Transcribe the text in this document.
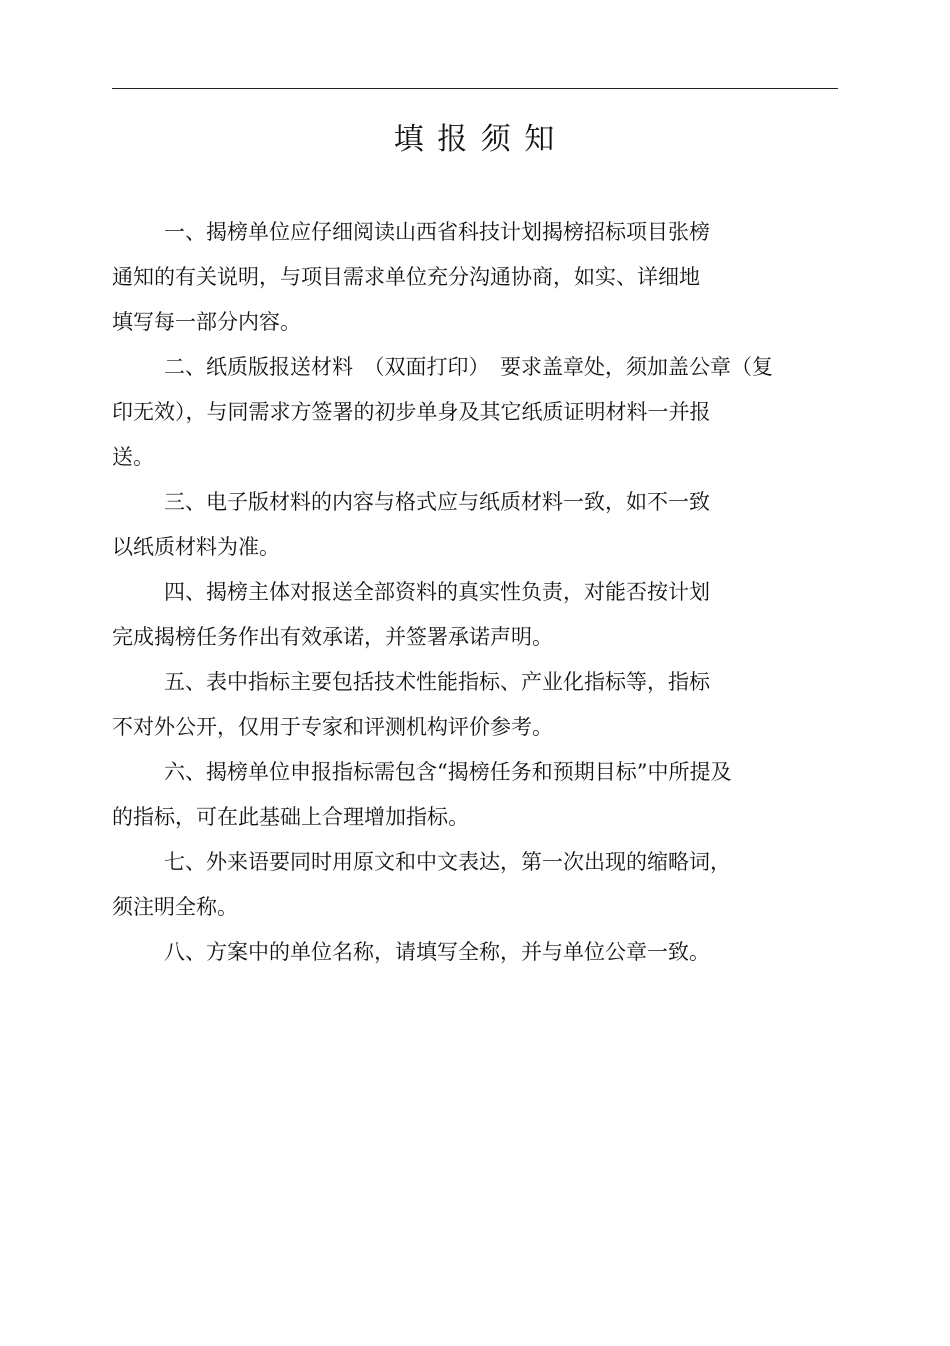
填 报 须 知
一、揭榜单位应仔细阅读山西省科技计划揭榜招标项目张榜
通知的有关说明，与项目需求单位充分沟通协商，如实、详细地
填写每一部分内容。
二、纸质版报送材料　（双面打印）　要求盖章处，须加盖公章（复
印无效），与同需求方签署的初步单身及其它纸质证明材料一并报
送。
三、电子版材料的内容与格式应与纸质材料一致，如不一致
以纸质材料为准。
四、揭榜主体对报送全部资料的真实性负责，对能否按计划
完成揭榜任务作出有效承诺，并签署承诺声明。
五、表中指标主要包括技术性能指标、产业化指标等，指标
不对外公开，仅用于专家和评测机构评价参考。
六、揭榜单位申报指标需包含“揭榜任务和预期目标”中所提及
的指标，可在此基础上合理增加指标。
七、外来语要同时用原文和中文表达，第一次出现的缩略词，
须注明全称。
八、方案中的单位名称，请填写全称，并与单位公章一致。
